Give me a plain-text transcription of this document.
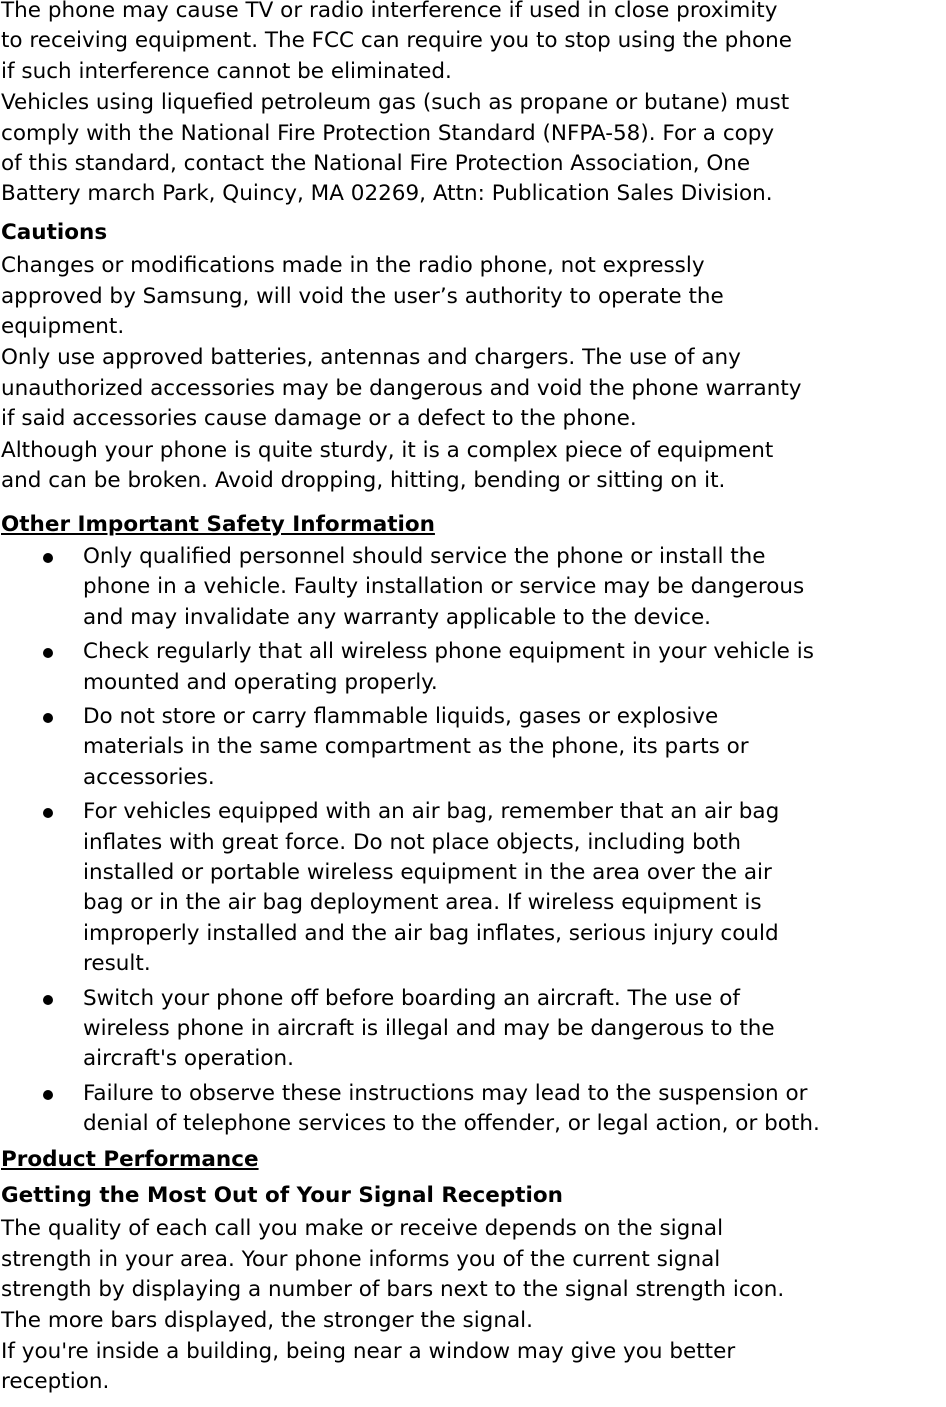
The phone may cause TV or radio interference if used in close proximity

to receiving equipment. The FCC can require you to stop using the phone

if such interference cannot be eliminated.

Vehicles using liquefied petroleum gas (such as propane or butane) must

comply with the National Fire Protection Standard (NFPA-58). For a copy

of this standard, contact the National Fire Protection Association, One

Battery march Park, Quincy, MA 02269, Attn: Publication Sales Division.

Cautions

Changes or modifications made in the radio phone, not expressly

approved by Samsung, will void the user’s authority to operate the

equipment.

Only use approved batteries, antennas and chargers. The use of any

unauthorized accessories may be dangerous and void the phone warranty

if said accessories cause damage or a defect to the phone.

Although your phone is quite sturdy, it is a complex piece of equipment

and can be broken. Avoid dropping, hitting, bending or sitting on it.

Other Important Safety Information

Only qualified personnel should service the phone or install the

phone in a vehicle. Faulty installation or service may be dangerous

and may invalidate any warranty applicable to the device.

Check regularly that all wireless phone equipment in your vehicle is

mounted and operating properly.

Do not store or carry flammable liquids, gases or explosive

materials in the same compartment as the phone, its parts or

accessories.

For vehicles equipped with an air bag, remember that an air bag

inflates with great force. Do not place objects, including both

installed or portable wireless equipment in the area over the air

bag or in the air bag deployment area. If wireless equipment is

improperly installed and the air bag inflates, serious injury could

result.

Switch your phone off before boarding an aircraft. The use of

wireless phone in aircraft is illegal and may be dangerous to the

aircraft's operation.

Failure to observe these instructions may lead to the suspension or

denial of telephone services to the offender, or legal action, or both.

Product Performance
Getting the Most Out of Your Signal Reception

The quality of each call you make or receive depends on the signal

strength in your area. Your phone informs you of the current signal

strength by displaying a number of bars next to the signal strength icon.

The more bars displayed, the stronger the signal.

If you're inside a building, being near a window may give you better

reception.
